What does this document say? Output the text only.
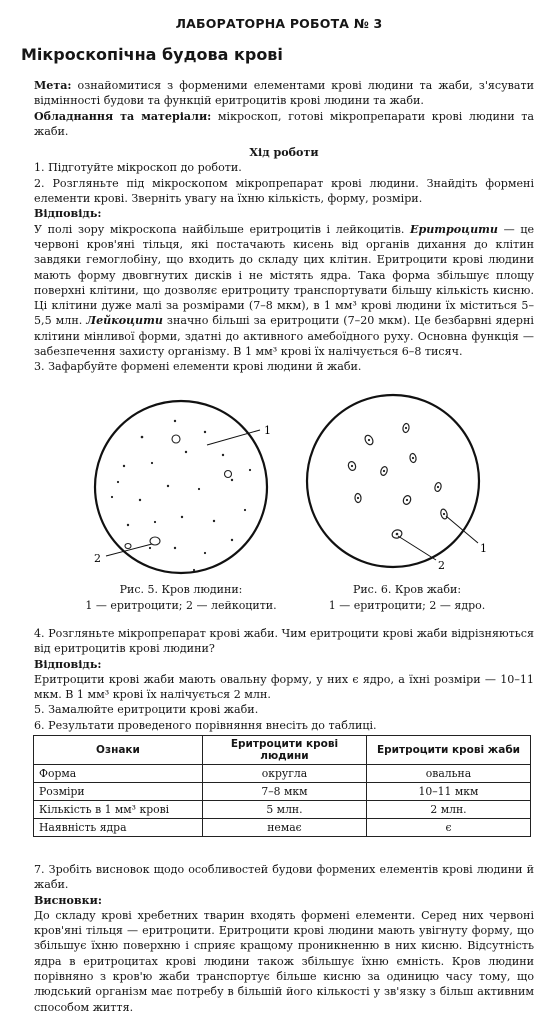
ЛАБОРАТОРНА РОБОТА № 3
Мікроскопічна будова крові

Мета: ознайомитися з форменими елементами крові людини та жаби, з'ясувати відмінності будови та функцій еритроцитів крові людини та жаби.

Обладнання та матеріали: мікроскоп, готові мікропрепарати крові людини та жаби.

Хід роботи

1. Підготуйте мікроскоп до роботи.

2. Розгляньте під мікроскопом мікропрепарат крові людини. Знайдіть формені елементи крові. Зверніть увагу на їхню кількість, форму, розміри.

Відповідь:

У полі зору мікроскопа найбільше еритроцитів і лейкоцитів. Еритроцити — це червоні кров'яні тільця, які постачають кисень від органів дихання до клітин завдяки гемоглобіну, що входить до складу цих клітин. Еритроцити крові людини мають форму двовгнутих дисків і не містять ядра. Така форма збільшує площу поверхні клітини, що дозволяє еритроциту транспортувати більшу кількість кисню. Ці клітини дуже малі за розмірами (7–8 мкм), в 1 мм³ крові людини їх міститься 5–5,5 млн. Лейкоцити значно більші за еритроцити (7–20 мкм). Це безбарвні ядерні клітини мінливої форми, здатні до активного амебоїдного руху. Основна функція — забезпечення захисту організму. В 1 мм³ крові їх налічується 6–8 тисяч.

3. Зафарбуйте формені елементи крові людини й жаби.

1
2
1
2
Рис. 5. Кров людини:
1 — еритроцити; 2 — лейкоцити.
Рис. 6. Кров жаби:
1 — еритроцити; 2 — ядро.

4. Розгляньте мікропрепарат крові жаби. Чим еритроцити крові жаби відрізняються від еритроцитів крові людини?

Відповідь:

Еритроцити крові жаби мають овальну форму, у них є ядро, а їхні розміри — 10–11 мкм. В 1 мм³ крові їх налічується 2 млн.

5. Замалюйте еритроцити крові жаби.

6. Результати проведеного порівняння внесіть до таблиці.

Ознаки	Еритроцити крові людини	Еритроцити крові жаби
Форма	округла	овальна
Розміри	7–8 мкм	10–11 мкм
Кількість в 1 мм³ крові	5 млн.	2 млн.
Наявність ядра	немає	є

7. Зробіть висновок щодо особливостей будови формених елементів крові людини й жаби.

Висновки:

До складу крові хребетних тварин входять формені елементи. Серед них червоні кров'яні тільця — еритроцити. Еритроцити крові людини мають увігнуту форму, що збільшує їхню поверхню і сприяє кращому проникненню в них кисню. Відсутність ядра в еритроцитах крові людини також збільшує їхню ємність. Кров людини порівняно з кров'ю жаби транспортує більше кисню за одиницю часу тому, що людський організм має потребу в більшій його кількості у зв'язку з більш активним способом життя.
